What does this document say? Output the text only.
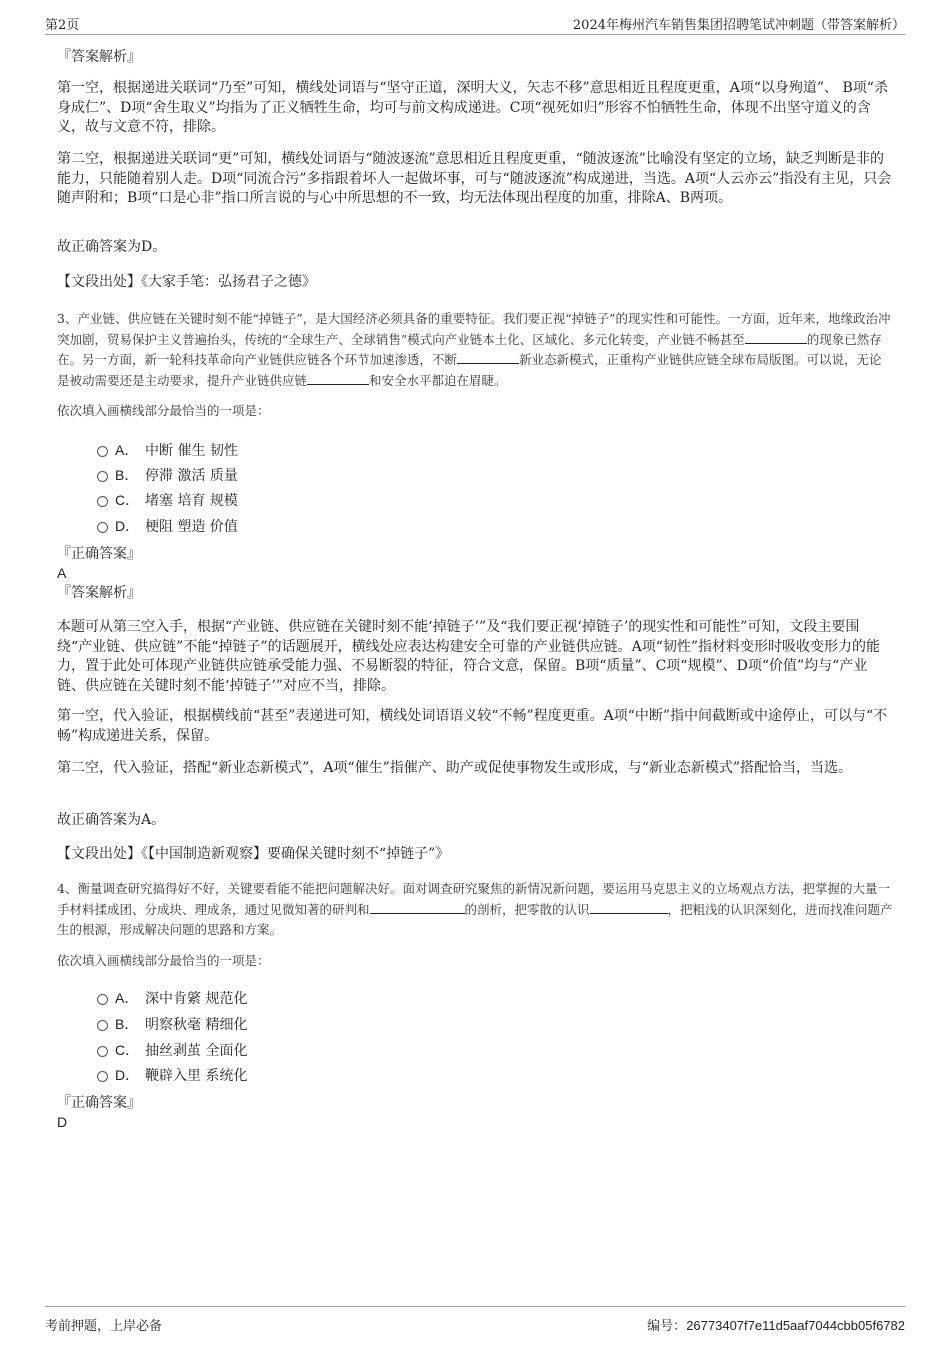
第2页	2024年梅州汽车销售集团招聘笔试冲刺题（带答案解析）
『答案解析』
第一空，根据递进关联词“乃至”可知，横线处词语与“坚守正道，深明大义，矢志不移”意思相近且程度更重，A项“以身殉道”、 B项“杀身成仁”、D项“舍生取义”均指为了正义牺牲生命，均可与前文构成递进。C项“视死如归”形容不怕牺牲生命，体现不出坚守道义的含义，故与文意不符，排除。
第二空，根据递进关联词“更”可知，横线处词语与“随波逐流”意思相近且程度更重，“随波逐流”比喻没有坚定的立场，缺乏判断是非的能力，只能随着别人走。D项“同流合污”多指跟着坏人一起做坏事，可与“随波逐流”构成递进，当选。A项“人云亦云”指没有主见，只会随声附和；B项“口是心非”指口所言说的与心中所思想的不一致，均无法体现出程度的加重，排除A、B两项。
故正确答案为D。
【文段出处】《大家手笔：弘扬君子之德》
3、产业链、供应链在关键时刻不能“掉链子”，是大国经济必须具备的重要特征。我们要正视“掉链子”的现实性和可能性。一方面，近年来，地缘政治冲突加剧，贸易保护主义普遍抬头，传统的“全球生产、全球销售”模式向产业链本土化、区域化、多元化转变，产业链不畅甚至	的现象已然存在。另一方面，新一轮科技革命向产业链供应链各个环节加速渗透，不断	新业态新模式，正重构产业链供应链全球布局版图。可以说，无论是被动需要还是主动要求，提升产业链供应链	和安全水平都迫在眉睫。
依次填入画横线部分最恰当的一项是：
A． 中断 催生 韧性
B． 停滞 激活 质量
C． 堵塞 培育 规模
D． 梗阻 塑造 价值
『正确答案』
A
『答案解析』
本题可从第三空入手，根据“产业链、供应链在关键时刻不能‘掉链子’”及“我们要正视‘掉链子’的现实性和可能性”可知，文段主要围绕“产业链、供应链”不能“掉链子”的话题展开，横线处应表达构建安全可靠的产业链供应链。A项“韧性”指材料变形时吸收变形力的能力，置于此处可体现产业链供应链承受能力强、不易断裂的特征，符合文意，保留。B项“质量”、C项“规模”、D项“价值”均与“产业链、供应链在关键时刻不能‘掉链子’”对应不当，排除。
第一空，代入验证，根据横线前“甚至”表递进可知，横线处词语语义较“不畅”程度更重。A项“中断”指中间截断或中途停止，可以与“不畅”构成递进关系，保留。
第二空，代入验证，搭配“新业态新模式”，A项“催生”指催产、助产或促使事物发生或形成，与“新业态新模式”搭配恰当，当选。
故正确答案为A。
【文段出处】《【中国制造新观察】要确保关键时刻不“掉链子”》
4、衡量调查研究搞得好不好，关键要看能不能把问题解决好。面对调查研究聚焦的新情况新问题，要运用马克思主义的立场观点方法，把掌握的大量一手材料揉成团、分成块、理成条，通过见微知著的研判和	的剖析，把零散的认识	，把粗浅的认识深刻化，进而找准问题产生的根源，形成解决问题的思路和方案。
依次填入画横线部分最恰当的一项是：
A． 深中肯綮 规范化
B． 明察秋毫 精细化
C． 抽丝剥茧 全面化
D． 鞭辟入里 系统化
『正确答案』
D
考前押题，上岸必备	编号：26773407f7e11d5aaf7044cbb05f6782
